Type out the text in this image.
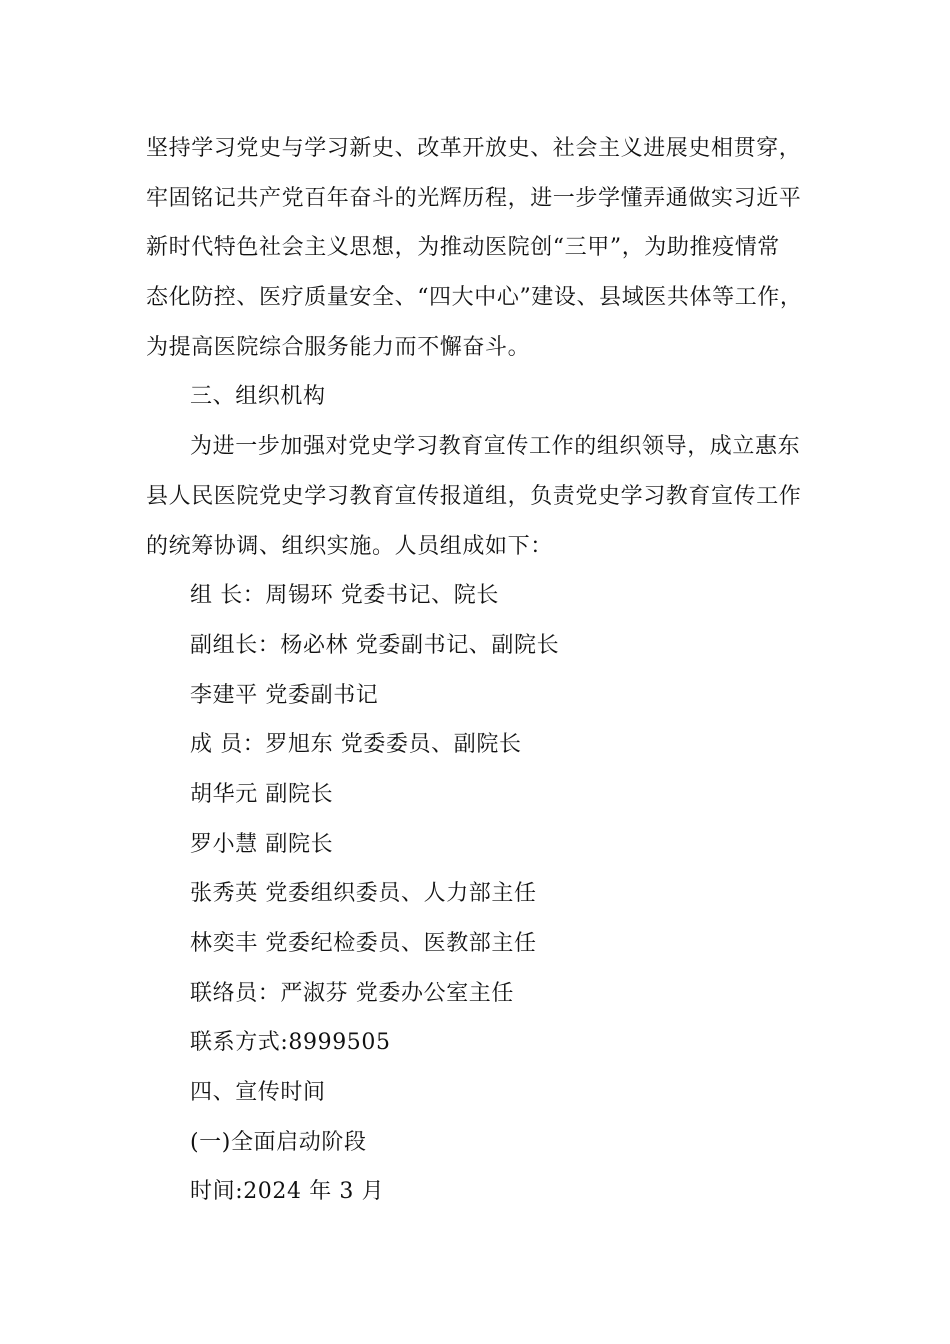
坚持学习党史与学习新史、改革开放史、社会主义进展史相贯穿，
牢固铭记共产党百年奋斗的光辉历程，进一步学懂弄通做实习近平
新时代特色社会主义思想，为推动医院创“三甲”，为助推疫情常
态化防控、医疗质量安全、“四大中心”建设、县域医共体等工作，
为提高医院综合服务能力而不懈奋斗。
三、组织机构
为进一步加强对党史学习教育宣传工作的组织领导，成立惠东
县人民医院党史学习教育宣传报道组，负责党史学习教育宣传工作
的统筹协调、组织实施。人员组成如下：
组 长：周锡环 党委书记、院长
副组长：杨必林 党委副书记、副院长
李建平 党委副书记
成 员：罗旭东 党委委员、副院长
胡华元 副院长
罗小慧 副院长
张秀英 党委组织委员、人力部主任
林奕丰 党委纪检委员、医教部主任
联络员：严淑芬 党委办公室主任
联系方式:8999505
四、宣传时间
(一)全面启动阶段
时间:2024 年 3 月
